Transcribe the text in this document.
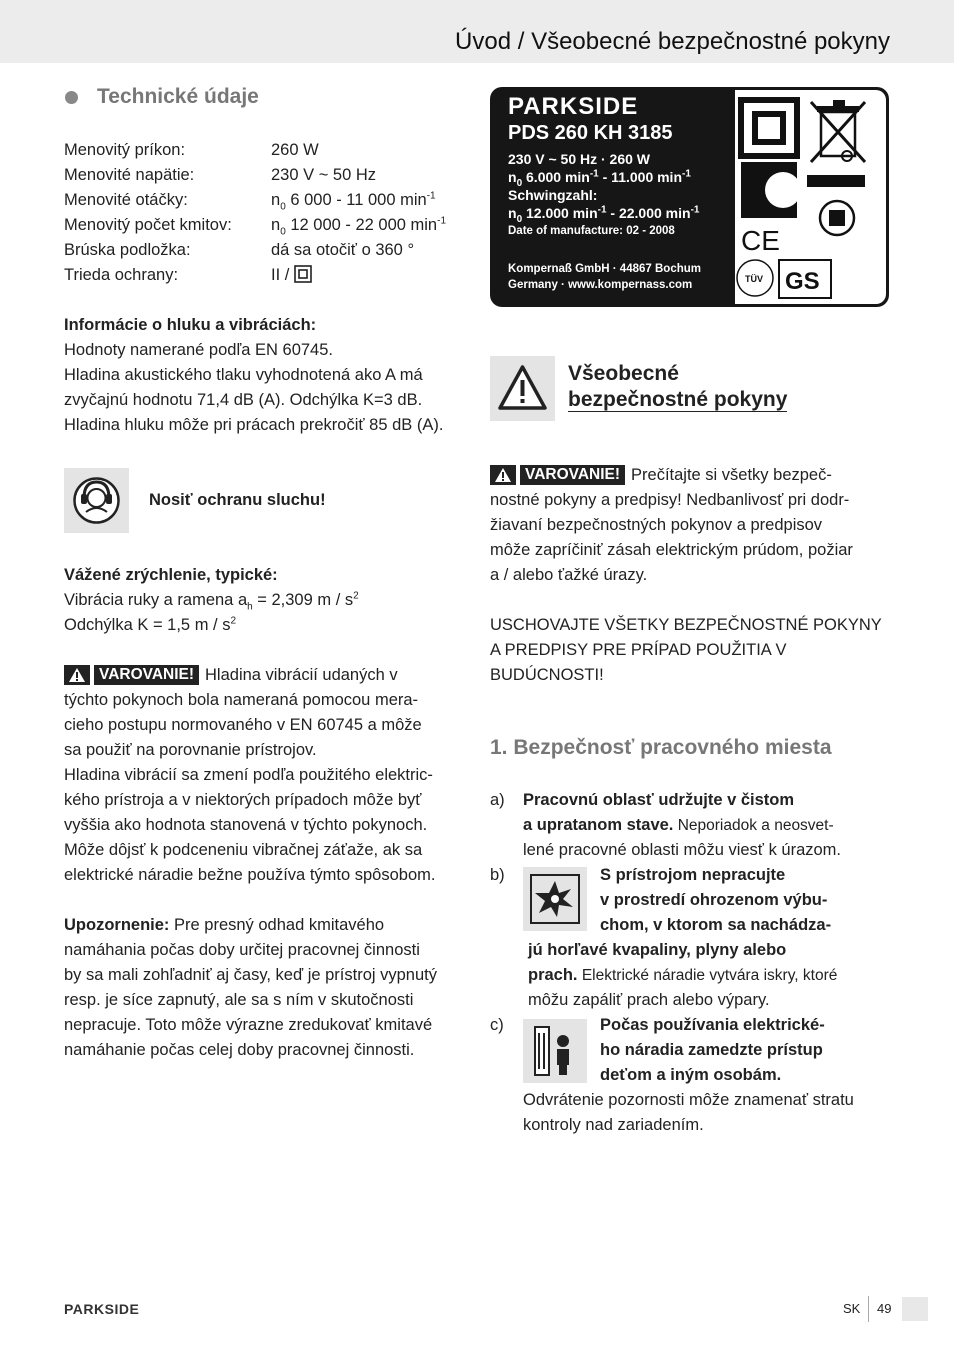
Úvod / Všeobecné bezpečnostné pokyny
Technické údaje
Menovitý príkon:	260 W
Menovité napätie:	230 V ~ 50 Hz
Menovité otáčky:	$n_0$ 6 000 - 11 000 $\min^{-1}$
Menovitý počet kmitov: $n_0$ 12 000 - 22 000 $\min^{-1}$
Brúska podložka:	dá sa otočiť o 360 °
Trieda ochrany:	II /
Informácie o hluku a vibráciách:
Hodnoty namerané podľa EN 60745.
Hladina akustického tlaku vyhodnotená ako A má
zvyčajnú hodnotu 71,4 dB (A). Odchýlka K=3 dB.
Hladina hluku môže pri prácach prekročiť 85 dB (A).
Nosiť ochranu sluchu!
Vážené zrýchlenie, typické:
Vibrácia ruky a ramena $a_h = 2,309$ m / $s^2$
Odchýlka K = 1,5 m / $s^2$
VAROVANIE! Hladina vibrácií udaných v
týchto pokynoch bola nameraná pomocou mera-
cieho postupu normovaného v EN 60745 a môže
sa použiť na porovnanie prístrojov.
Hladina vibrácií sa zmení podľa použitého elektric-
kého prístroja a v niektorých prípadoch môže byť
vyššia ako hodnota stanovená v týchto pokynoch.
Môže dôjsť k podceneniu vibračnej záťaže, ak sa
elektrické náradie bežne používa týmto spôsobom.
Upozornenie: Pre presný odhad kmitavého
namáhania počas doby určitej pracovnej činnosti
by sa mali zohľadniť aj časy, keď je prístroj vypnutý
resp. je síce zapnutý, ale sa s ním v skutočnosti
nepracuje. Toto môže výrazne zredukovať kmitavé
namáhanie počas celej doby pracovnej činnosti.
PARKSIDE
PDS 260 KH 3185
230 V ~ 50 Hz · 260 W
$n_0$ 6.000 $\min^{-1} - 11.000$ $\min^{-1}$
Schwingzahl:
$n_0$ 12.000 $\min^{-1} - 22.000$ $\min^{-1}$
Date of manufacture: 02 - 2008
Kompernaß GmbH · 44867 Bochum
Germany · www.kompernass.com
CE
TÜV GS
Všeobecné
bezpečnostné pokyny
VAROVANIE! Prečítajte si všetky bezpeč-
nostné pokyny a predpisy! Nedbanlivosť pri dodr-
žiavaní bezpečnostných pokynov a predpisov
môže zapríčiniť zásah elektrickým prúdom, požiar
a / alebo ťažké úrazy.
USCHOVAJTE VŠETKY BEZPEČNOSTNÉ POKYNY
A PREDPISY PRE PRÍPAD POUŽITIA V
BUDÚCNOSTI!
1. Bezpečnosť pracovného miesta
a) Pracovnú oblasť udržujte v čistom
a upratanom stave. Neporiadok a neosvet-
lené pracovné oblasti môžu viesť k úrazom.
b)	S prístrojom nepracujte
v prostredí ohrozenom výbu-
chom, v ktorom sa nachádza-
jú horľavé kvapaliny, plyny alebo
prach. Elektrické náradie vytvára iskry, ktoré
môžu zapáliť prach alebo výpary.
c)	Počas používania elektrické-
ho náradia zamedzte prístup
deťom a iným osobám.
Odvrátenie pozornosti môže znamenať stratu
kontroly nad zariadením.
PARKSIDE	SK 49
